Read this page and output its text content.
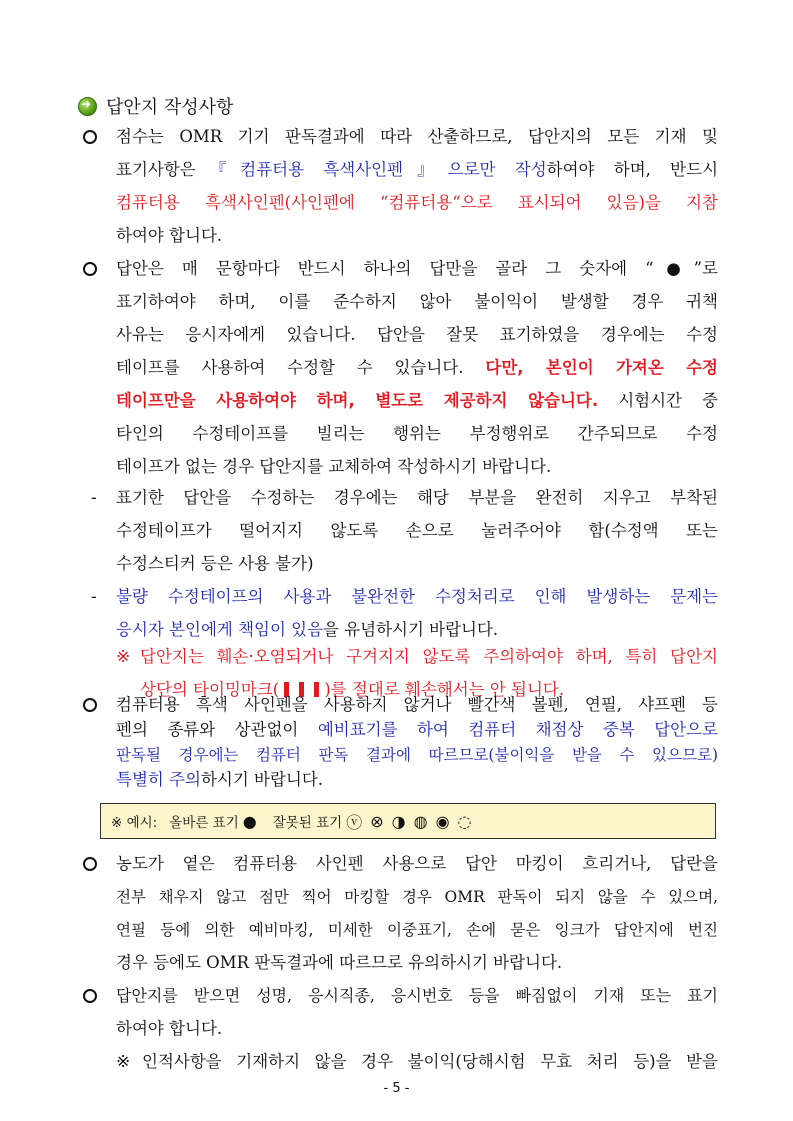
➜
답안지 작성사항
점수는 OMR 기기 판독결과에 따라 산출하므로, 답안지의 모든 기재 및
표기사항은『컴퓨터용 흑색사인펜』으로만 작성하여야 하며, 반드시
컴퓨터용 흑색사인펜(사인펜에 “컴퓨터용“으로 표시되어 있음)을 지참
하여야 합니다.
답안은 매 문항마다 반드시 하나의 답만을 골라 그 숫자에 “●”로
표기하여야 하며, 이를 준수하지 않아 불이익이 발생할 경우 귀책
사유는 응시자에게 있습니다. 답안을 잘못 표기하였을 경우에는 수정
테이프를 사용하여 수정할 수 있습니다. 다만, 본인이 가져온 수정
테이프만을 사용하여야 하며, 별도로 제공하지 않습니다. 시험시간 중
타인의 수정테이프를 빌리는 행위는 부정행위로 간주되므로 수정
테이프가 없는 경우 답안지를 교체하여 작성하시기 바랍니다.
- 표기한 답안을 수정하는 경우에는 해당 부분을 완전히 지우고 부착된
수정테이프가 떨어지지 않도록 손으로 눌러주어야 함(수정액 또는
수정스티커 등은 사용 불가)
- 불량 수정테이프의 사용과 불완전한 수정처리로 인해 발생하는 문제는
응시자 본인에게 책임이 있음을 유념하시기 바랍니다.
※ 답안지는 훼손·오염되거나 구겨지지 않도록 주의하여야 하며, 특히 답안지
상단의 타이밍마크(	)를 절대로 훼손해서는 안 됩니다.
컴퓨터용 흑색 사인펜을 사용하지 않거나 빨간색 볼펜, 연필, 샤프펜 등
펜의 종류와 상관없이 예비표기를 하여 컴퓨터 채점상 중복 답안으로
판독될 경우에는 컴퓨터 판독 결과에 따르므로(불이익을 받을 수 있으므로)
※ 예시: 올바른 표기 ● 잘못된 표기 ⓥ ⊗ ◑ ◍ ◉ ◌
농도가 옅은 컴퓨터용 사인펜 사용으로 답안 마킹이 흐리거나, 답란을
전부 채우지 않고 점만 찍어 마킹할 경우 OMR 판독이 되지 않을 수 있으며,
연필 등에 의한 예비마킹, 미세한 이중표기, 손에 묻은 잉크가 답안지에 번진
경우 등에도 OMR 판독결과에 따르므로 유의하시기 바랍니다.
답안지를 받으면 성명, 응시직종, 응시번호 등을 빠짐없이 기재 또는 표기
하여야 합니다.
※ 인적사항을 기재하지 않을 경우 불이익(당해시험 무효 처리 등)을 받을
- 5 -
특별히 주의하시기 바랍니다.
